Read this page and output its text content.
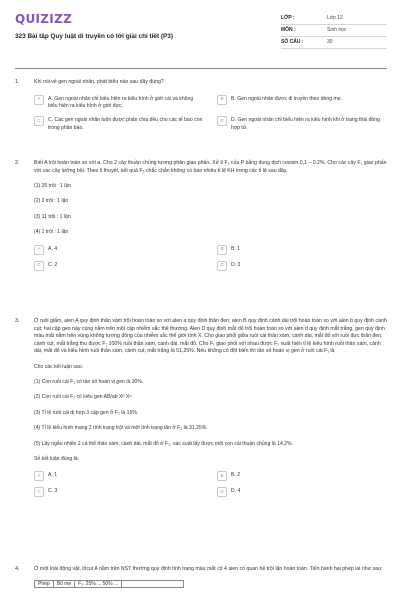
QUIZIZZ
323 Bài tập Quy luật di truyền có lời giải chi tiết (P3)
LỚP :	Lớp 12
MÔN :	Sinh học
SỐ CÂU :	30
1.	Khi nói về gen ngoài nhân, phát biểu nào sau đây đúng?
A	A. Gen ngoài nhân chỉ biểu hiện ra kiểu hình ở giới cái và không biểu hiện ra kiểu hình ở giới đực.
B	B. Gen ngoài nhân được di truyền theo dòng mẹ.
C	C. Các gen ngoài nhân luôn được phân chia đều cho các tế bào con trong phân bào.
D	D. Gen ngoài nhân chỉ biểu hiện ra kiểu hình khi ở trạng thái đồng hợp tử.
2.	Biết A trội hoàn toàn so với a. Cho 2 cây thuần chủng tương phản giao phấn. Xử lí F₁ của P bằng dung dịch cosixin 0,1 – 0,2%. Cho các cây F₁ giao phấn với các cây lưỡng bội. Theo lí thuyết, kết quả F₂ chắc chắn không có bao nhiêu tỉ lệ KH trong các tỉ lệ sau đây.
(1) 35 trội : 1 lặn
(2) 3 trội : 1 lặn
(3) 11 trội : 1 lặn
(4) 1 trội : 1 lặn
A	A. 4	B	B. 1
C	C. 2	D	D. 3
3.	Ở ruồi giấm, alen A quy định thân xám trội hoàn toàn so với alen a quy định thân đen; alen B quy định cánh dài trội hoàn toàn so với alen b quy định cánh cụt; hai cặp gen này cùng nằm trên một cặp nhiễm sắc thể thường. Alen D quy định mắt đỏ trội hoàn toàn so với alen d quy định mắt trắng, gen quy định màu mắt nằm trên vùng không tương đồng của nhiễm sắc thể giới tính X. Cho giao phối giữa ruồi cái thân xám, cánh dài, mắt đỏ với ruồi đực thân đen, cánh cụt, mắt trắng thu được F₁ 100% ruồi thân xám, cánh dài, mắt đỏ. Cho F₁ giao phối với nhau được F₂ xuất hiện tỉ lệ kiểu hình ruồi thân xám, cánh dài, mắt đỏ và kiểu hình ruồi thân xám, cánh cụt, mắt trắng là 51,25%. Nếu không có đột biến thì tần số hoán vị gen ở ruồi cái F₁ là
Cho các kết luận sau:
(1) Con ruồi cái F₁ có tần số hoán vị gen là 30%.
(2) Con ruồi cái F₁ có kiểu gen AB/ab Xᴰ Xᵈ
(3) Tỉ lệ ruồi cái dị hợp 3 cặp gen ở F₂ là 15%.
(4) Tỉ lệ kiểu hình mang 2 tính trạng trội và một tính trạng lặn ở F₂ là 31,25%.
(5) Lấy ngẫu nhiên 2 cá thể thân xám, cánh dài, mắt đỏ ở F₂, xác suất lấy được một con cái thuần chủng là 14,2%.
Số kết luận đúng là:
A	A. 1	B	B. 2
C	C. 3	D	D. 4
4.	Ở một loài động vật, lôcut A nằm trên NST thường quy định tính trạng màu mắt có 4 alen có quan hệ trội lặn hoàn toàn. Tiến hành hai phép lai như sau:
Phép	Bố mẹ	F₁: 25% ... 50% ...
